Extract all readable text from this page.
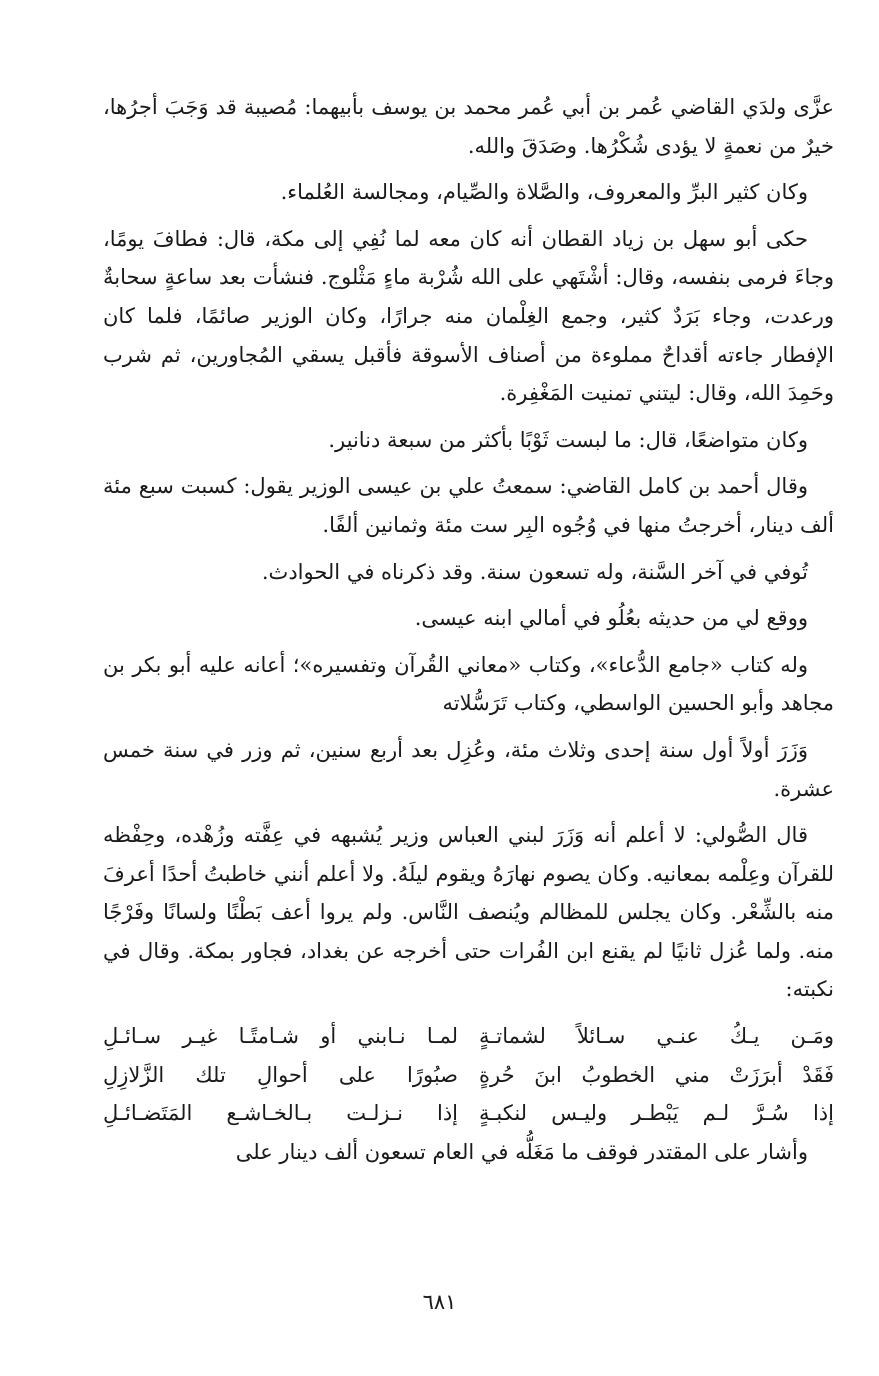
عزَّى ولدَي القاضي عُمر بن أبي عُمر محمد بن يوسف بأبيهما: مُصيبة قد وَجَبَ أجرُها، خيرٌ من نعمةٍ لا يؤدى شُكْرُها. وصَدَقَ والله.

وكان كثير البرِّ والمعروف، والصَّلاة والصِّيام، ومجالسة العُلماء.

حكى أبو سهل بن زياد القطان أنه كان معه لما نُفِي إلى مكة، قال: فطافَ يومًا، وجاءَ فرمى بنفسه، وقال: أشْتَهي على الله شُرْبة ماءٍ مَثْلوج. فنشأت بعد ساعةٍ سحابةٌ ورعدت، وجاء بَرَدٌ كثير، وجمع الغِلْمان منه جرارًا، وكان الوزير صائمًا، فلما كان الإفطار جاءته أقداحٌ مملوءة من أصناف الأسوقة فأقبل يسقي المُجاورين، ثم شرب وحَمِدَ الله، وقال: ليتني تمنيت المَغْفِرة.

وكان متواضعًا، قال: ما لبست ثَوْبًا بأكثر من سبعة دنانير.

وقال أحمد بن كامل القاضي: سمعتُ علي بن عيسى الوزير يقول: كسبت سبع مئة ألف دينار، أخرجتُ منها في وُجُوه البِر ست مئة وثمانين ألفًا.

تُوفي في آخر السَّنة، وله تسعون سنة. وقد ذكرناه في الحوادث.

ووقع لي من حديثه بعُلُو في أمالي ابنه عيسى.

وله كتاب «جامع الدُّعاء»، وكتاب «معاني القُرآن وتفسيره»؛ أعانه عليه أبو بكر بن مجاهد وأبو الحسين الواسطي، وكتاب تَرَسُّلاته

وَزَرَ أولاً أول سنة إحدى وثلاث مئة، وعُزِل بعد أربع سنين، ثم وزر في سنة خمس عشرة.

قال الصُّولي: لا أعلم أنه وَزَرَ لبني العباس وزير يُشبهه في عِفَّته وزُهْده، وحِفْظه للقرآن وعِلْمه بمعانيه. وكان يصوم نهارَهُ ويقوم ليلَهُ. ولا أعلم أنني خاطبتُ أحدًا أعرفَ منه بالشِّعْر. وكان يجلس للمظالم ويُنصف النَّاس. ولم يروا أعف بَطْنًا ولسانًا وفَرْجًا منه. ولما عُزل ثانيًا لم يقنع ابن الفُرات حتى أخرجه عن بغداد، فجاور بمكة. وقال في نكبته:

ومَـن يـكُ عنـي سـائلاً لشماتـةٍ
لمـا نـابني أو شـامتًـا غيـر سـائـلِ
فَقَدْ أبرَزَتْ مني الخطوبُ ابنَ حُرةٍ
صبُورًا على أحوالِ تلك الزَّلازِلِ
إذا سُـرَّ لـم يَبْطـر وليـس لنكبـةٍ
إذا نـزلـت بـالخـاشـع المَتَضـائـلِ

وأشار على المقتدر فوقف ما مَغَلُّه في العام تسعون ألف دينار على

٦٨١
